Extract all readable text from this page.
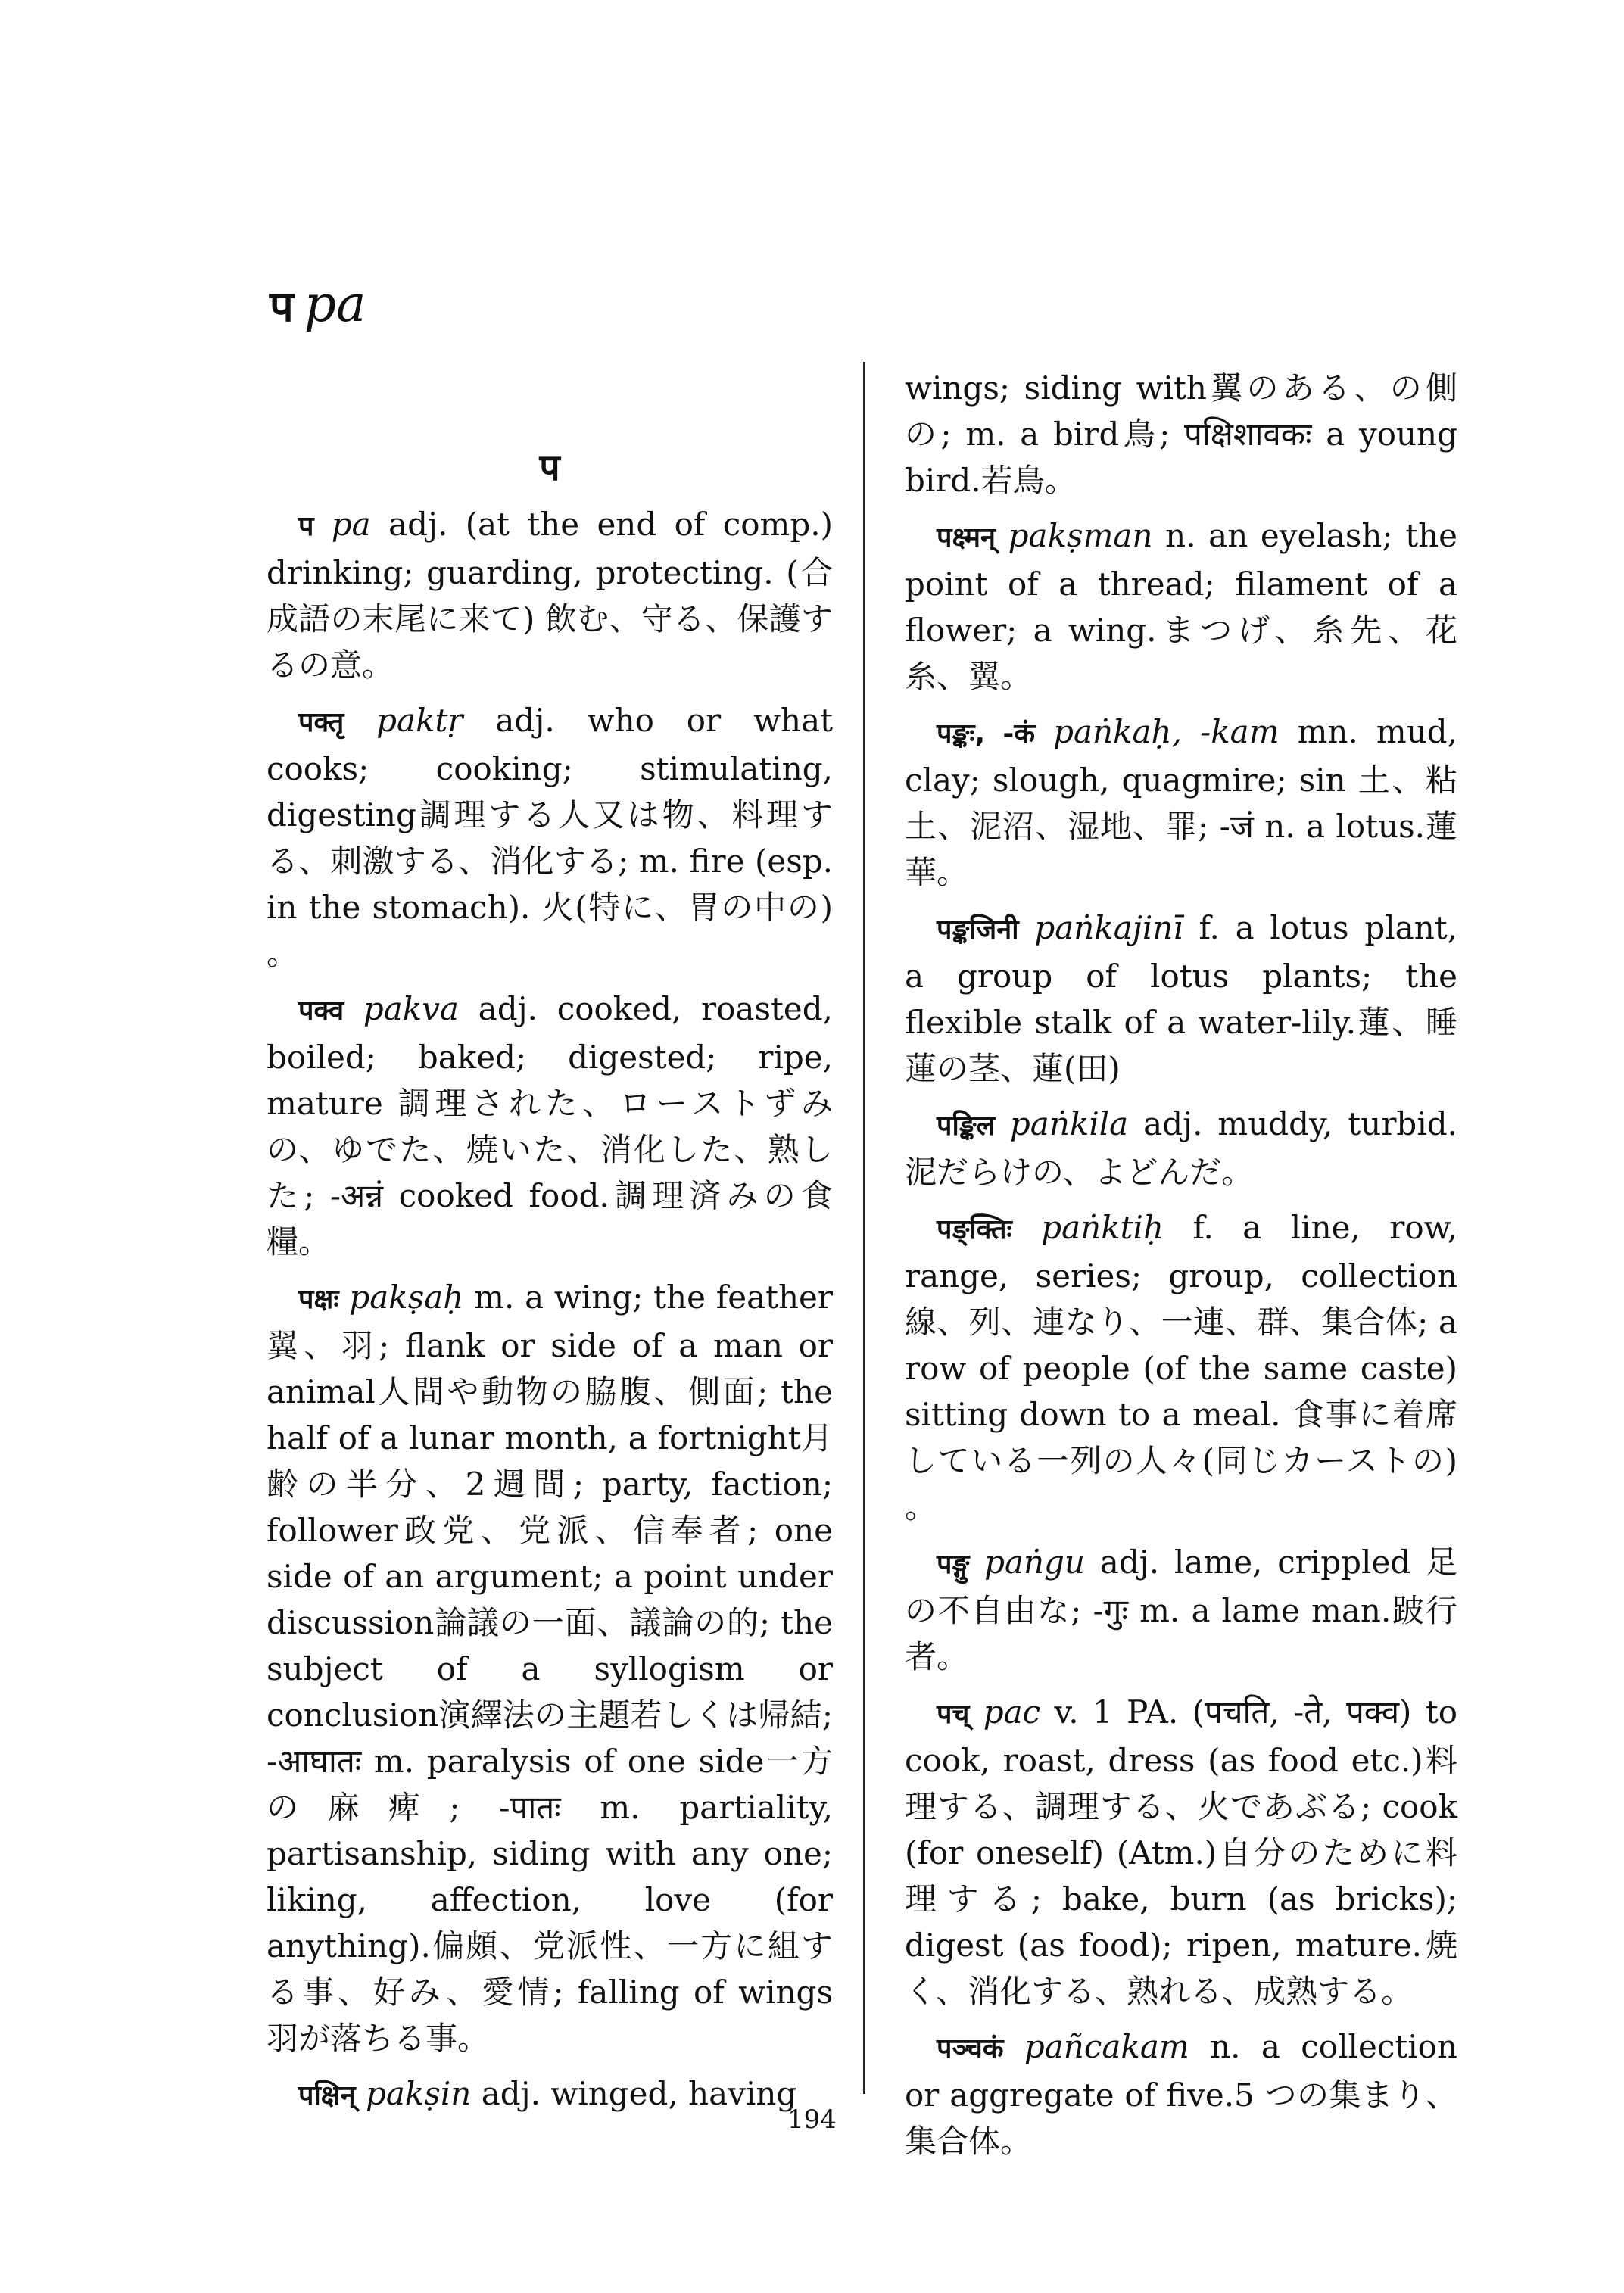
प pa
प

प pa adj. (at the end of comp.) drinking; guarding, protecting. (合成語の末尾に来て) 飲む、守る、保護するの意。

पक्तृ paktṛ adj. who or what cooks; cooking; stimulating, digesting調理する人又は物、料理する、刺激する、消化する; m. fire (esp. in the stomach). 火(特に、胃の中の) 。

पक्व pakva adj. cooked, roasted, boiled; baked; digested; ripe, mature 調理された、ローストずみの、ゆでた、焼いた、消化した、熟した; -अन्नं cooked food.調理済みの食糧。

पक्षः pakṣaḥ m. a wing; the feather 翼、羽; flank or side of a man or animal人間や動物の脇腹、側面; the half of a lunar month, a fortnight月齢の半分、2週間; party, faction; follower政党、党派、信奉者; one side of an argument; a point under discussion論議の一面、議論の的; the subject of a syllogism or conclusion演繹法の主題若しくは帰結; -आघातः m. paralysis of one side一方の麻痺; -पातः m. partiality, partisanship, siding with any one; liking, affection, love (for anything).偏頗、党派性、一方に組する事、好み、愛情; falling of wings 羽が落ちる事。

पक्षिन् pakṣin adj. winged, having

wings; siding with翼のある、の側の; m. a bird鳥; पक्षिशावकः a young bird.若鳥。

पक्ष्मन् pakṣman n. an eyelash; the point of a thread; filament of a flower; a wing.まつげ、糸先、花糸、翼。

पङ्कः, -कं paṅkaḥ, -kam mn. mud, clay; slough, quagmire; sin 土、粘土、泥沼、湿地、罪; -जं n. a lotus.蓮華。

पङ्कजिनी paṅkajinī f. a lotus plant, a group of lotus plants; the flexible stalk of a water-lily.蓮、睡蓮の茎、蓮(田)

पङ्किल paṅkila adj. muddy, turbid. 泥だらけの、よどんだ。

पङ्क्तिः paṅktiḥ f. a line, row, range, series; group, collection 線、列、連なり、一連、群、集合体; a row of people (of the same caste) sitting down to a meal. 食事に着席している一列の人々(同じカーストの) 。

पङ्गु paṅgu adj. lame, crippled 足の不自由な; -गुः m. a lame man.跛行者。

पच् pac v. 1 PA. (पचति, -ते, पक्व) to cook, roast, dress (as food etc.)料理する、調理する、火であぶる; cook (for oneself) (Atm.)自分のために料理する; bake, burn (as bricks); digest (as food); ripen, mature.焼く、消化する、熟れる、成熟する。

पञ्चकं pañcakam n. a collection or aggregate of five.5 つの集まり、集合体。

194
